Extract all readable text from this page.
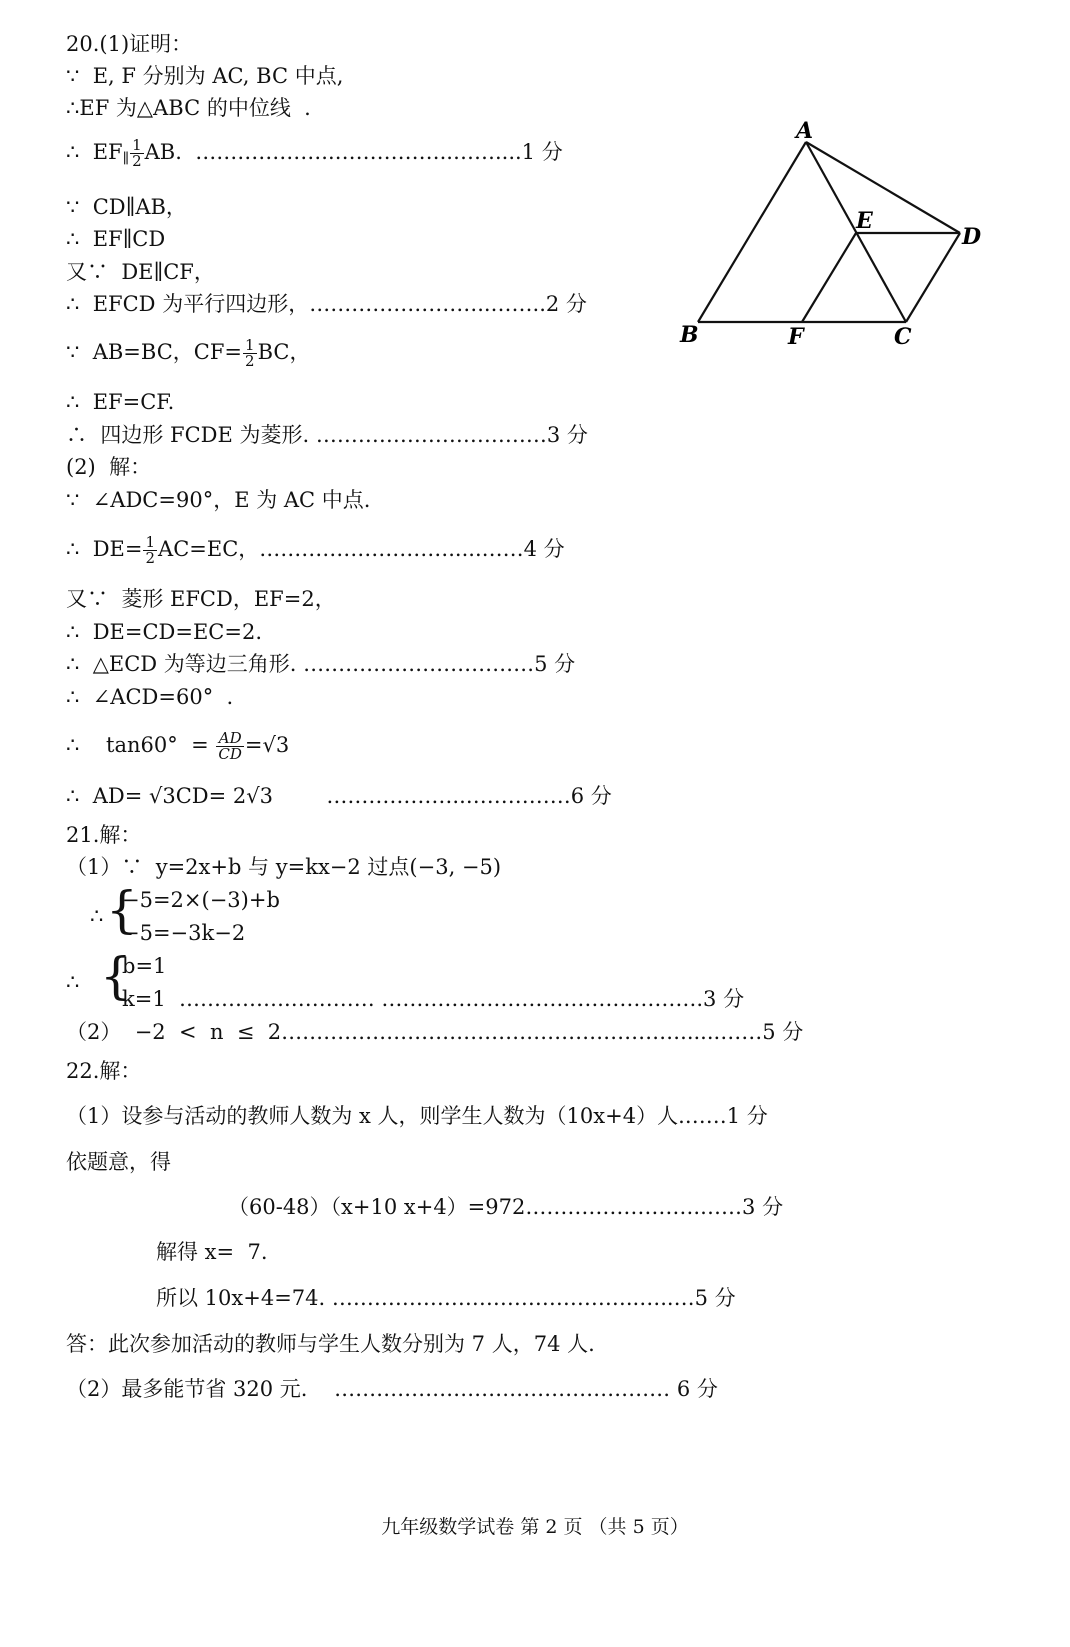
20.(1)证明：
∵  E, F 分别为 AC, BC 中点,
∴EF 为△ABC 的中位线  .
∴  EF∥ $\frac{1}{2}$ AB.  ………………..……………..……....1 分
∵  CD∥AB，
∴  EF∥CD
又∵  DE∥CF，
∴  EFCD 为平行四边形，……………………..……..2 分
∵  AB=BC，$CF= \frac{1}{2}$ BC，
∴  EF=CF.
∴  四边形 FCDE 为菱形. ……………………………3 分
(2)  解：
∵  ∠ADC=90°，E 为 AC 中点.
∴  $DE= \frac{1}{2} AC=EC$，……………………….....……4 分
又∵  菱形 EFCD，EF=2，
∴  DE=CD=EC=2.
∴  △ECD 为等边三角形. ……………………………5 分
∴  ∠ACD=60°  .
∴    $\tan 60^\circ = \frac{AD}{CD} =√3$
∴  AD= √3CD= 2√3        ………………..……………6 分
A
B	C
D
E
F
21.解：
（1）∵  y=2x+b 与 y=kx−2 过点(−3, −5)
∴ {
−5=2×(−3)+b
−5=−3k−2
∴ {
b=1
k=1  …………….………… ……………………………………….3 分
（2）  −2  <  n  ≤  2…………………………………………………......……5 分
22.解：
（1）设参与活动的教师人数为 x 人，则学生人数为（10x+4）人.……1 分
依题意，得
（60-48）（x+10 x+4）=972…………………….……3 分
解得 x=  7.
所以 10x+4=74. ……………………………………..…..…5 分
答：此次参加活动的教师与学生人数分别为 7 人，74 人.
（2）最多能节省 320 元.    ………………………………………… 6 分
九年级数学试卷 第 2 页 （共 5 页）
